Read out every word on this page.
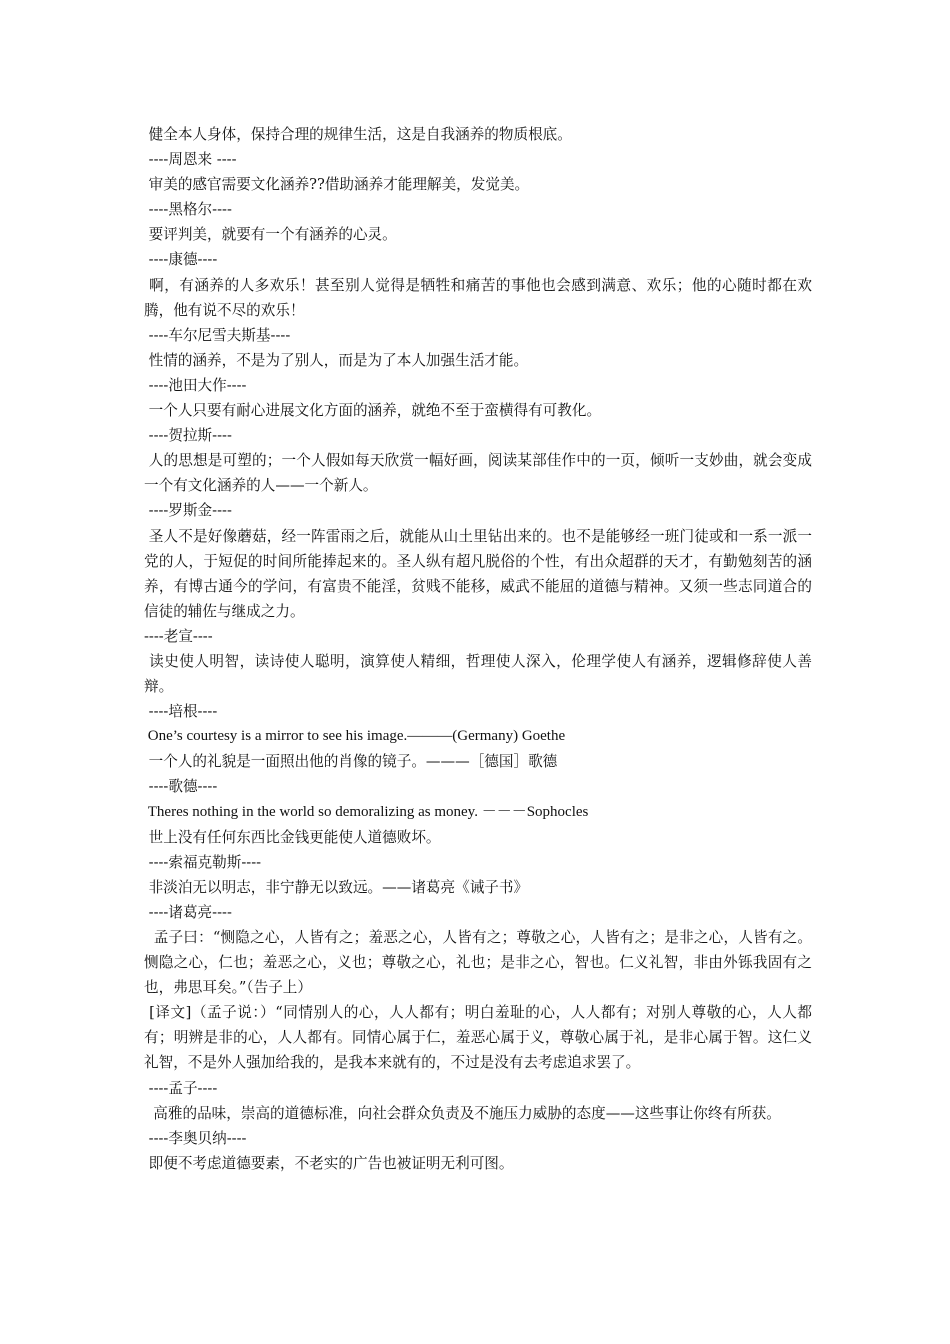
健全本人身体，保持合理的规律生活，这是自我涵养的物质根底。

----周恩来 ----

审美的感官需要文化涵养??借助涵养才能理解美，发觉美。

----黑格尔----

要评判美，就要有一个有涵养的心灵。

----康德----

啊，有涵养的人多欢乐！甚至别人觉得是牺牲和痛苦的事他也会感到满意、欢乐；他的心随时都在欢腾，他有说不尽的欢乐！

----车尔尼雪夫斯基----

性情的涵养，不是为了别人，而是为了本人加强生活才能。

----池田大作----

一个人只要有耐心进展文化方面的涵养，就绝不至于蛮横得有可教化。

----贺拉斯----

人的思想是可塑的；一个人假如每天欣赏一幅好画，阅读某部佳作中的一页，倾听一支妙曲，就会变成一个有文化涵养的人——一个新人。

----罗斯金----

圣人不是好像蘑菇，经一阵雷雨之后，就能从山土里钻出来的。也不是能够经一班门徒或和一系一派一党的人，于短促的时间所能捧起来的。圣人纵有超凡脱俗的个性，有出众超群的天才，有勤勉刻苦的涵养，有博古通今的学问，有富贵不能淫，贫贱不能移，威武不能屈的道德与精神。又须一些志同道合的信徒的辅佐与继成之力。

----老宣----

读史使人明智，读诗使人聪明，演算使人精细，哲理使人深入，伦理学使人有涵养，逻辑修辞使人善辩。

----培根----

One’s courtesy is a mirror to see his image.———(Germany) Goethe

一个人的礼貌是一面照出他的肖像的镜子。———［德国］歌德

----歌德----

Theres nothing in the world so demoralizing as money. －－－Sophocles

世上没有任何东西比金钱更能使人道德败坏。

----索福克勒斯----

非淡泊无以明志，非宁静无以致远。——诸葛亮《诫子书》

----诸葛亮----

孟子曰：“恻隐之心，人皆有之；羞恶之心，人皆有之；尊敬之心，人皆有之；是非之心，人皆有之。恻隐之心，仁也；羞恶之心，义也；尊敬之心，礼也；是非之心，智也。仁义礼智，非由外铄我固有之也，弗思耳矣。”（告子上）

[译文]（孟子说：）“同情别人的心，人人都有；明白羞耻的心，人人都有；对别人尊敬的心，人人都有；明辨是非的心，人人都有。同情心属于仁，羞恶心属于义，尊敬心属于礼，是非心属于智。这仁义礼智，不是外人强加给我的，是我本来就有的，不过是没有去考虑追求罢了。

----孟子----

高雅的品味，崇高的道德标准，向社会群众负责及不施压力威胁的态度——这些事让你终有所获。

----李奥贝纳----

即便不考虑道德要素，不老实的广告也被证明无利可图。
